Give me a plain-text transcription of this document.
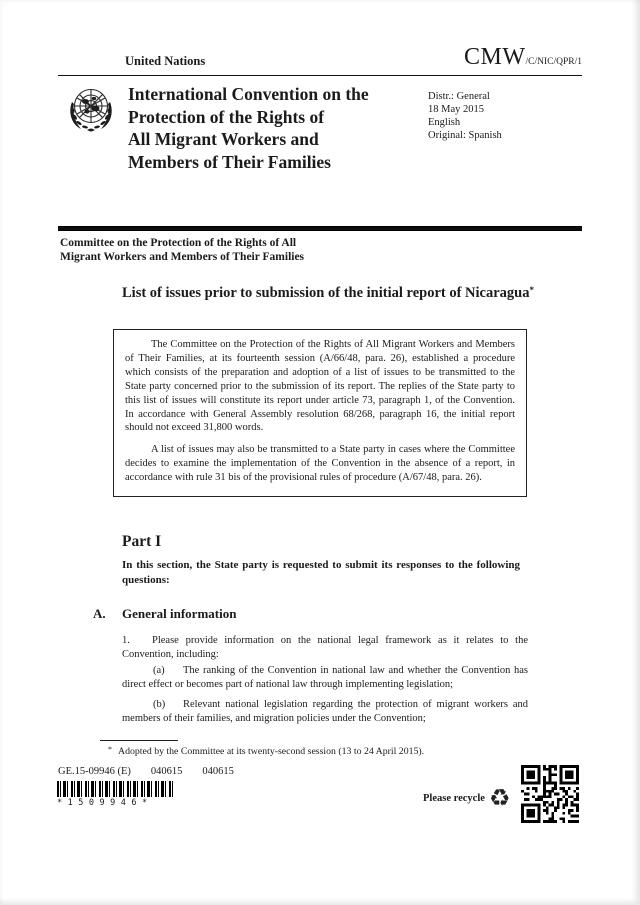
United Nations	CMW/C/NIC/QPR/1
International Convention on the
Protection of the Rights of
All Migrant Workers and
Members of Their Families
Distr.: General
18 May 2015
English
Original: Spanish
Committee on the Protection of the Rights of All
Migrant Workers and Members of Their Families
List of issues prior to submission of the initial report of Nicaragua*

The Committee on the Protection of the Rights of All Migrant Workers and Members of Their Families, at its fourteenth session (A/66/48, para. 26), established a procedure which consists of the preparation and adoption of a list of issues to be transmitted to the State party concerned prior to the submission of its report. The replies of the State party to this list of issues will constitute its report under article 73, paragraph 1, of the Convention. In accordance with General Assembly resolution 68/268, paragraph 16, the initial report should not exceed 31,800 words.

A list of issues may also be transmitted to a State party in cases where the Committee decides to examine the implementation of the Convention in the absence of a report, in accordance with rule 31 bis of the provisional rules of procedure (A/67/48, para. 26).

Part I
In this section, the State party is requested to submit its responses to the following questions:
A. General information
1. Please provide information on the national legal framework as it relates to the Convention, including:
(a) The ranking of the Convention in national law and whether the Convention has direct effect or becomes part of national law through implementing legislation;
(b) Relevant national legislation regarding the protection of migrant workers and members of their families, and migration policies under the Convention;
* Adopted by the Committee at its twenty-second session (13 to 24 April 2015).
GE.15-09946 (E) 040615 040615
*1509946*	Please recycle ♻
